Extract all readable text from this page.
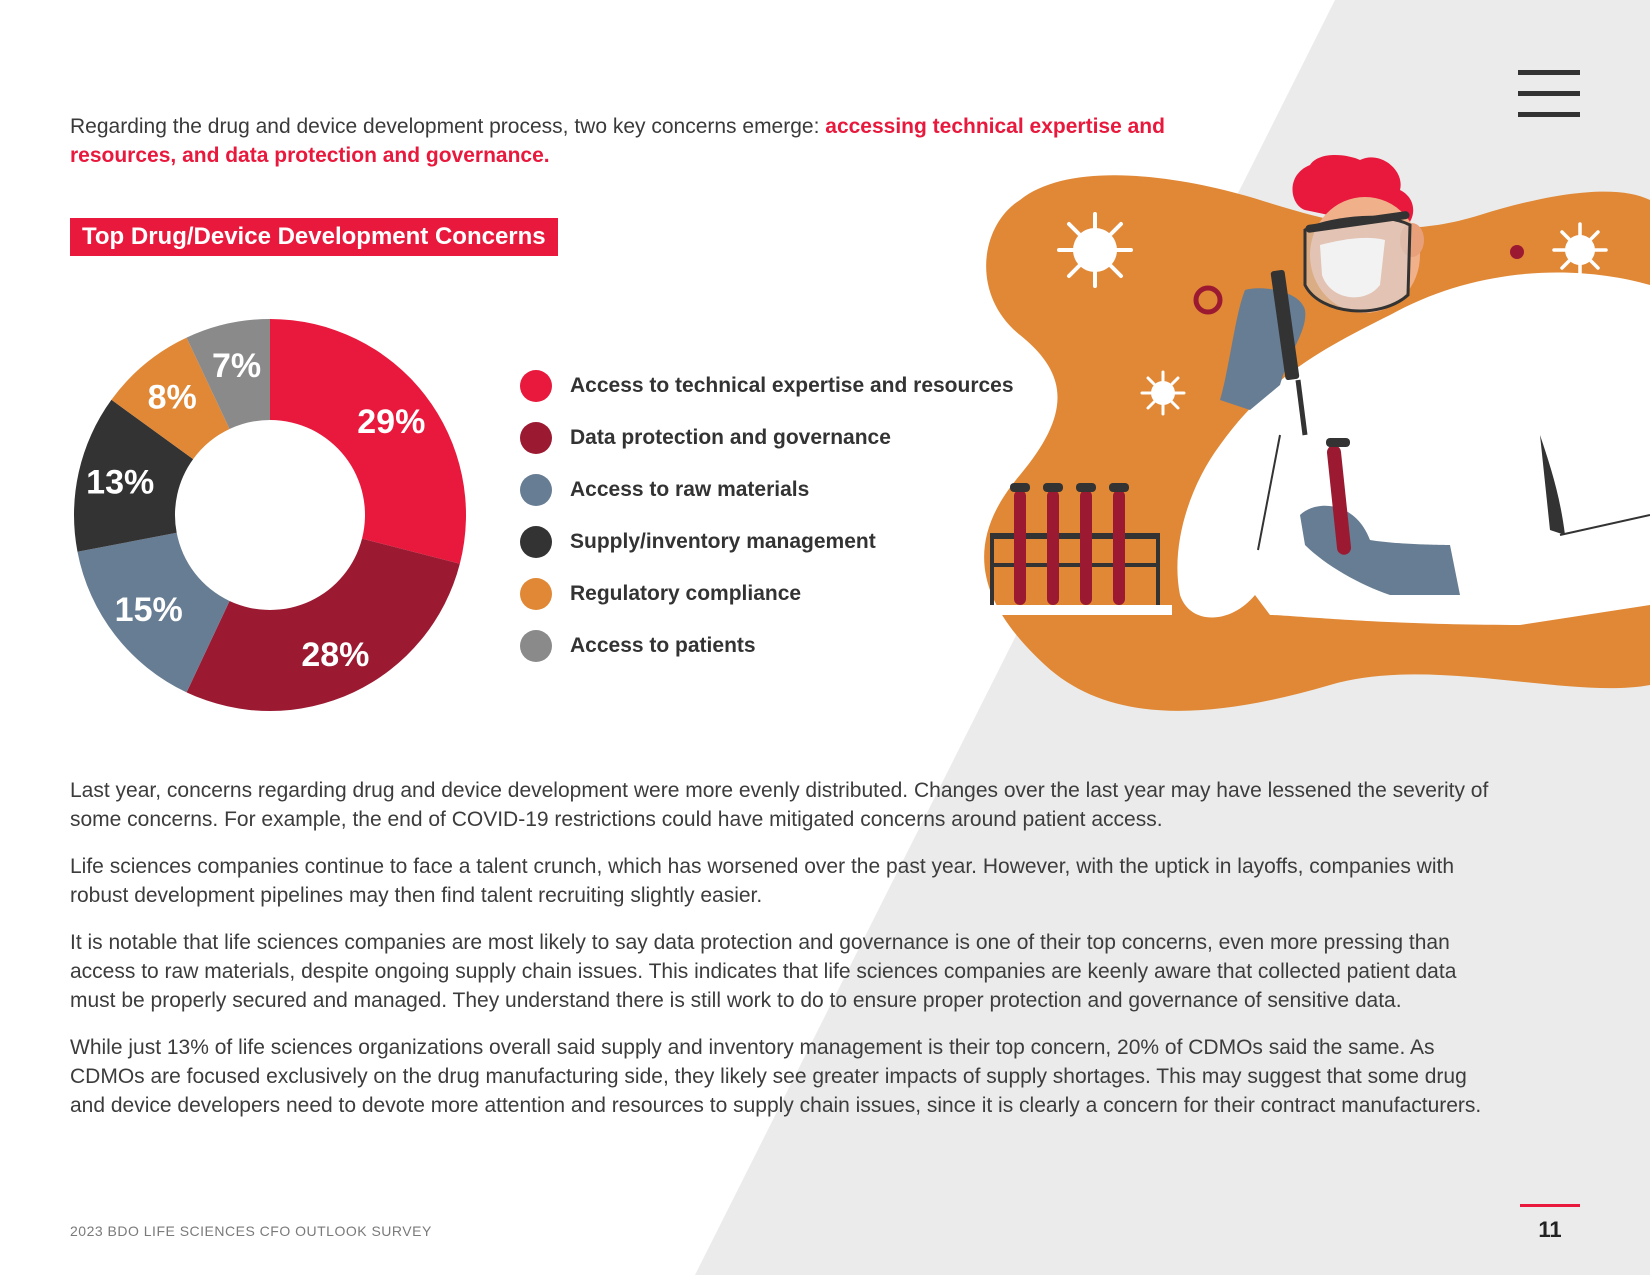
Regarding the drug and device development process, two key concerns emerge: accessing technical expertise and resources, and data protection and governance.
Top Drug/Device Development Concerns
29%
28%
15%
13%
8%
7%
Access to technical expertise and resources
Data protection and governance
Access to raw materials
Supply/inventory management
Regulatory compliance
Access to patients

Last year, concerns regarding drug and device development were more evenly distributed. Changes over the last year may have lessened the severity of some concerns. For example, the end of COVID-19 restrictions could have mitigated concerns around patient access.

Life sciences companies continue to face a talent crunch, which has worsened over the past year. However, with the uptick in layoffs, companies with robust development pipelines may then find talent recruiting slightly easier.

It is notable that life sciences companies are most likely to say data protection and governance is one of their top concerns, even more pressing than access to raw materials, despite ongoing supply chain issues. This indicates that life sciences companies are keenly aware that collected patient data must be properly secured and managed. They understand there is still work to do to ensure proper protection and governance of sensitive data.

While just 13% of life sciences organizations overall said supply and inventory management is their top concern, 20% of CDMOs said the same. As CDMOs are focused exclusively on the drug manufacturing side, they likely see greater impacts of supply shortages. This may suggest that some drug and device developers need to devote more attention and resources to supply chain issues, since it is clearly a concern for their contract manufacturers.

2023 BDO LIFE SCIENCES CFO OUTLOOK SURVEY	11
